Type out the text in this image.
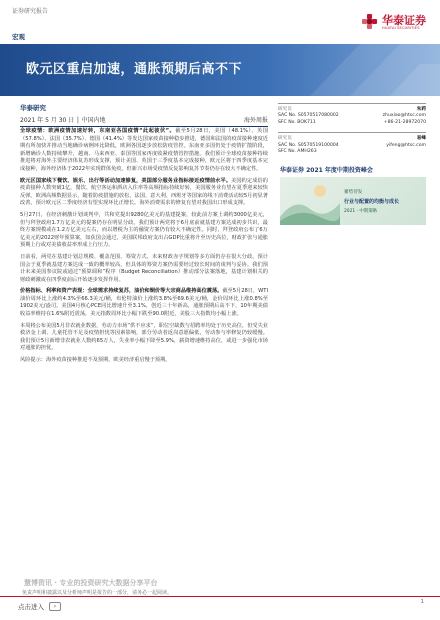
证券研究报告
华泰证券
HUATAI SECURITIES
宏观
欧元区重启加速，通胀预期后高不下
华泰研究
2021 年 5 月 30 日 │ 中国内地	海外周报

全球疫情：欧洲疫情加速好转，东南亚各国疫情“此起彼伏”。截至5月28日，美国（48.1%）、英国（57.8%）、法国（35.7%）、德国（41.4%）等发达国家疫苗接种稳步推进，德国和法国的疫苗接种速度近期有所加快并推动当地确诊病例环比降低，欧洲各国逐步放松防疫管控。东南亚多国仍处于疫情扩散阶段，新增确诊人数持续攀升，越南、马来西亚、泰国等国家再度收紧疫情管控措施。我们预计全球疫苗接种持续推进将对海外主要经济体复苏形成支撑，预计美国、英国于三季度基本完成接种，欧元区将于四季度基本完成接种，海外经济体于2022年实现群体免疫，但新兴市场受疫情反复影响复苏节奏仍存在较大不确定性。

欧元区国家线下餐饮、娱乐、出行等活动加速修复，美国部分服务业指标接近疫情前水平。美国约定成俗的疫苗接种人数突破1亿，餐饮、航空客运和酒店入住率等高频指标持续好转，美国服务业有望在夏季迎来较快反弹。欧洲高频数据显示，随着防疫措施的放松，法国、意大利、西班牙等国家的线下消费活动较5月初显著改善，预计欧元区二季度经济有望实现环比正增长。海外消费需求的修复有望对我国出口形成支撑。

5月27日，在经济刺激计划谈判中，共和党提出9280亿美元的基建提案，较此前方案上调约3000亿美元，但与拜登政府1.7万亿美元的提案仍存在明显分歧。我们预计两党将于6月底前就基建方案达成初步共识，最终方案规模或在1.2万亿美元左右，而以增税为主的融资方案仍有较大不确定性。同时，拜登政府公布了6万亿美元的2022财年预算案，如获国会通过，美国联邦政府支出占GDP比重将升至历史高位，财政扩张与通胀预期上行或对美债收益率形成上行压力。

日前看，两党在基建计划总规模、覆盖范围、筹资方式、未来财政赤字规划等多方面仍存在很大分歧。预计国会于夏季就基建方案达成一致的概率较高，但具体的筹资方案仍需要经过较长时间的谈判与妥协。我们预计未来美国参议院或通过“预算调和”程序（Budget Reconciliation）推动部分法案落地，基建计划相关的财政刺激或在四季度前后开始逐步发挥作用。

价格指标、利率和资产表现：全球需求持续复苏，油价和铜价等大宗商品维持高位震荡。截至5月28日，WTI油价周环比上涨约4.3%至66.3美元/桶，布伦特油价上涨约3.8%至69.6美元/桶，金价周环比上涨0.8%至1902美元/盎司。美国4月核心PCE同比增速升至3.1%，创近三十年新高，通胀预期后高不下，10年期美债收益率维持在1.6%附近震荡，美元指数周环比小幅下跌至90.0附近，美股三大指数均小幅上涨。

本周将公布美国5月非农就业数据，劳动力市场“供不应求”，职位空缺数与招聘率均处于历史高位，但受失业救济金上调、儿童托管不足及疫情担忧等因素影响，部分劳动者返岗意愿偏低，劳动参与率修复仍较缓慢。我们预计5月新增非农就业人数约65万人，失业率小幅下降至5.9%，薪资增速维持高位，或进一步强化市场对通胀的担忧。

风险提示：海外疫苗接种推进不及预期，欧美经济重启慢于预期。

研究员	朱莉
SAC No. S0570517080002	zhuxiao@htsc.com
SFC No. BOK711	+86-21-28972070
研究员	易峰
SAC No. S0570519100004	yifeng@htsc.com
SFC No. AMH263
华泰证券 2021 年度中期投资峰会
蓄势待发
行业与配置的均衡与成长
2021 · 中期策略
免责声明和披露以及分析师声明是报告的一部分，请务必一起阅读。
慧博资讯 · 专业的投资研究大数据分享平台
点击进入	›
1
